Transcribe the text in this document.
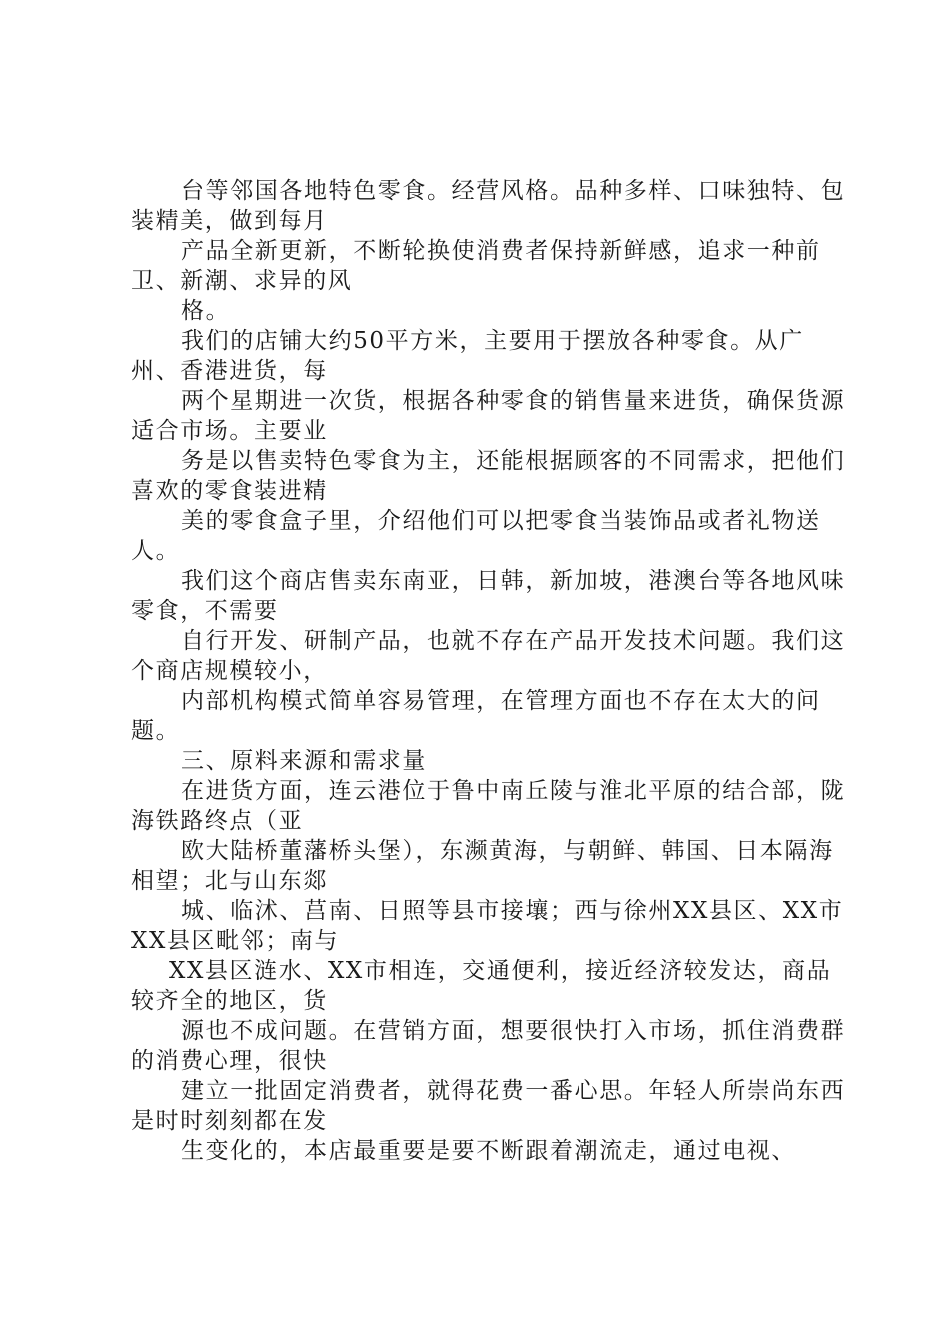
台等邻国各地特色零食。经营风格。品种多样、口味独特、包装精美，做到每月

产品全新更新，不断轮换使消费者保持新鲜感，追求一种前卫、新潮、求异的风

格。

我们的店铺大约50平方米，主要用于摆放各种零食。从广州、香港进货，每

两个星期进一次货，根据各种零食的销售量来进货，确保货源适合市场。主要业

务是以售卖特色零食为主，还能根据顾客的不同需求，把他们喜欢的零食装进精

美的零食盒子里，介绍他们可以把零食当装饰品或者礼物送人。

我们这个商店售卖东南亚，日韩，新加坡，港澳台等各地风味零食，不需要

自行开发、研制产品，也就不存在产品开发技术问题。我们这个商店规模较小，

内部机构模式简单容易管理，在管理方面也不存在太大的问题。

三、原料来源和需求量

在进货方面，连云港位于鲁中南丘陵与淮北平原的结合部，陇海铁路终点（亚

欧大陆桥董藩桥头堡），东濒黄海，与朝鲜、韩国、日本隔海相望；北与山东郯

城、临沭、莒南、日照等县市接壤；西与徐州XX县区、XX市XX县区毗邻；南与

XX县区涟水、XX市相连，交通便利，接近经济较发达，商品较齐全的地区，货

源也不成问题。在营销方面，想要很快打入市场，抓住消费群的消费心理，很快

建立一批固定消费者，就得花费一番心思。年轻人所崇尚东西是时时刻刻都在发

生变化的，本店最重要是要不断跟着潮流走，通过电视、
